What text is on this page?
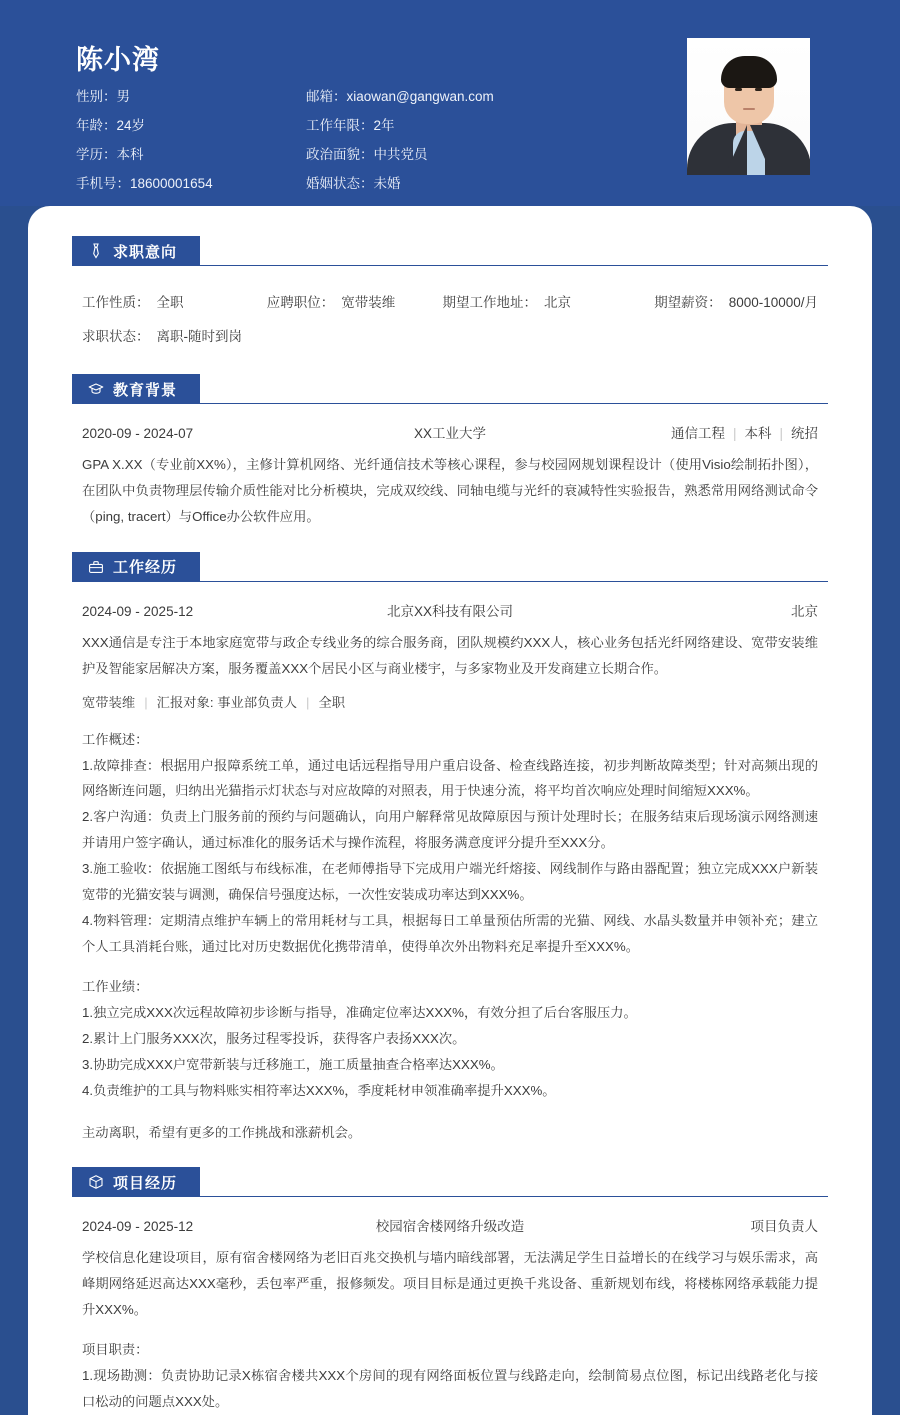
陈小湾
性别：男	邮箱：xiaowan@gangwan.com
年龄：24岁	工作年限：2年
学历：本科	政治面貌：中共党员
手机号：18600001654	婚姻状态：未婚
求职意向
工作性质： 全职	应聘职位： 宽带装维	期望工作地址： 北京	期望薪资： 8000-10000/月
求职状态： 离职-随时到岗
教育背景
2020-09 - 2024-07	XX工业大学	通信工程 | 本科 | 统招
GPA X.XX（专业前XX%），主修计算机网络、光纤通信技术等核心课程，参与校园网规划课程设计（使用Visio绘制拓扑图），在团队中负责物理层传输介质性能对比分析模块，完成双绞线、同轴电缆与光纤的衰减特性实验报告，熟悉常用网络测试命令（ping, tracert）与Office办公软件应用。
工作经历
2024-09 - 2025-12	北京XX科技有限公司	北京
XXX通信是专注于本地家庭宽带与政企专线业务的综合服务商，团队规模约XXX人，核心业务包括光纤网络建设、宽带安装维护及智能家居解决方案，服务覆盖XXX个居民小区与商业楼宇，与多家物业及开发商建立长期合作。
宽带装维 | 汇报对象: 事业部负责人 | 全职
工作概述：
1.故障排查：根据用户报障系统工单，通过电话远程指导用户重启设备、检查线路连接，初步判断故障类型；针对高频出现的网络断连问题，归纳出光猫指示灯状态与对应故障的对照表，用于快速分流，将平均首次响应处理时间缩短XXX%。
2.客户沟通：负责上门服务前的预约与问题确认，向用户解释常见故障原因与预计处理时长；在服务结束后现场演示网络测速并请用户签字确认，通过标准化的服务话术与操作流程，将服务满意度评分提升至XXX分。
3.施工验收：依据施工图纸与布线标准，在老师傅指导下完成用户端光纤熔接、网线制作与路由器配置；独立完成XXX户新装宽带的光猫安装与调测，确保信号强度达标，一次性安装成功率达到XXX%。
4.物料管理：定期清点维护车辆上的常用耗材与工具，根据每日工单量预估所需的光猫、网线、水晶头数量并申领补充；建立个人工具消耗台账，通过比对历史数据优化携带清单，使得单次外出物料充足率提升至XXX%。
工作业绩：
1.独立完成XXX次远程故障初步诊断与指导，准确定位率达XXX%，有效分担了后台客服压力。
2.累计上门服务XXX次，服务过程零投诉，获得客户表扬XXX次。
3.协助完成XXX户宽带新装与迁移施工，施工质量抽查合格率达XXX%。
4.负责维护的工具与物料账实相符率达XXX%，季度耗材申领准确率提升XXX%。
主动离职，希望有更多的工作挑战和涨薪机会。
项目经历
2024-09 - 2025-12	校园宿舍楼网络升级改造	项目负责人
学校信息化建设项目，原有宿舍楼网络为老旧百兆交换机与墙内暗线部署，无法满足学生日益增长的在线学习与娱乐需求，高峰期网络延迟高达XXX毫秒，丢包率严重，报修频发。项目目标是通过更换千兆设备、重新规划布线，将楼栋网络承载能力提升XXX%。
项目职责：
1.现场勘测：负责协助记录X栋宿舍楼共XXX个房间的现有网络面板位置与线路走向，绘制简易点位图，标记出线路老化与接口松动的问题点XXX处。
